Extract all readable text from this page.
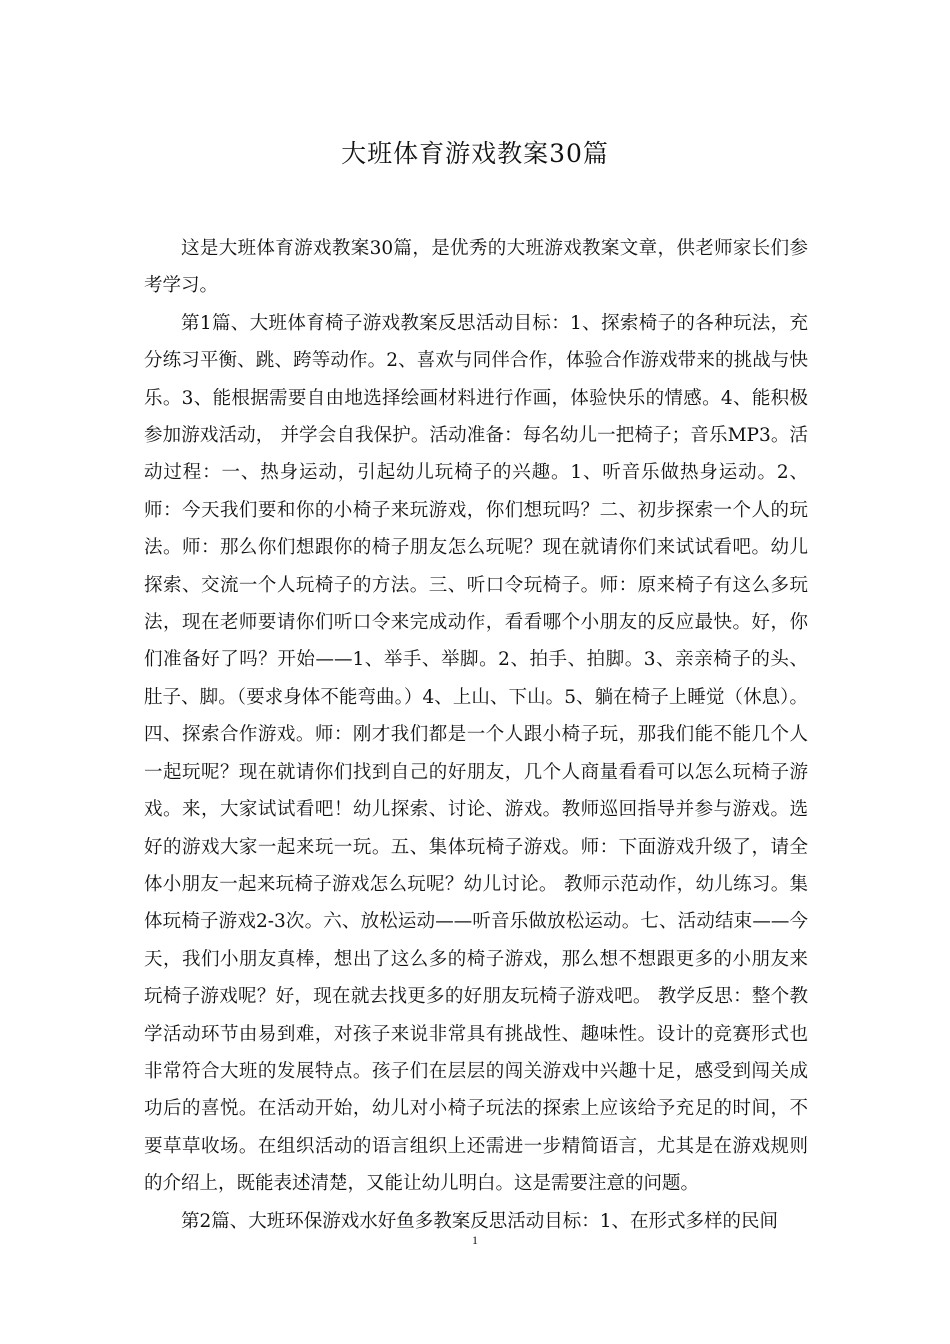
大班体育游戏教案30篇

这是大班体育游戏教案30篇，是优秀的大班游戏教案文章，供老师家长们参考学习。

第1篇、大班体育椅子游戏教案反思活动目标：1、探索椅子的各种玩法，充分练习平衡、跳、跨等动作。2、喜欢与同伴合作，体验合作游戏带来的挑战与快乐。3、能根据需要自由地选择绘画材料进行作画，体验快乐的情感。4、能积极参加游戏活动， 并学会自我保护。活动准备：每名幼儿一把椅子；音乐MP3。活动过程：一、热身运动，引起幼儿玩椅子的兴趣。1、听音乐做热身运动。2、师：今天我们要和你的小椅子来玩游戏，你们想玩吗？二、初步探索一个人的玩法。师：那么你们想跟你的椅子朋友怎么玩呢？现在就请你们来试试看吧。幼儿探索、交流一个人玩椅子的方法。三、听口令玩椅子。师：原来椅子有这么多玩法，现在老师要请你们听口令来完成动作，看看哪个小朋友的反应最快。好，你们准备好了吗？开始——1、举手、举脚。2、拍手、拍脚。3、亲亲椅子的头、肚子、脚。（要求身体不能弯曲。）4、上山、下山。5、躺在椅子上睡觉（休息）。四、探索合作游戏。师：刚才我们都是一个人跟小椅子玩，那我们能不能几个人一起玩呢？现在就请你们找到自己的好朋友，几个人商量看看可以怎么玩椅子游戏。来，大家试试看吧！幼儿探索、讨论、游戏。教师巡回指导并参与游戏。选好的游戏大家一起来玩一玩。五、集体玩椅子游戏。师：下面游戏升级了，请全体小朋友一起来玩椅子游戏怎么玩呢？幼儿讨论。 教师示范动作，幼儿练习。集体玩椅子游戏2-3次。六、放松运动——听音乐做放松运动。七、活动结束——今天，我们小朋友真棒，想出了这么多的椅子游戏，那么想不想跟更多的小朋友来玩椅子游戏呢？好，现在就去找更多的好朋友玩椅子游戏吧。 教学反思：整个教学活动环节由易到难，对孩子来说非常具有挑战性、趣味性。设计的竞赛形式也非常符合大班的发展特点。孩子们在层层的闯关游戏中兴趣十足，感受到闯关成功后的喜悦。在活动开始，幼儿对小椅子玩法的探索上应该给予充足的时间，不要草草收场。在组织活动的语言组织上还需进一步精简语言，尤其是在游戏规则的介绍上，既能表述清楚，又能让幼儿明白。这是需要注意的问题。

第2篇、大班环保游戏水好鱼多教案反思活动目标：1、在形式多样的民间

1
